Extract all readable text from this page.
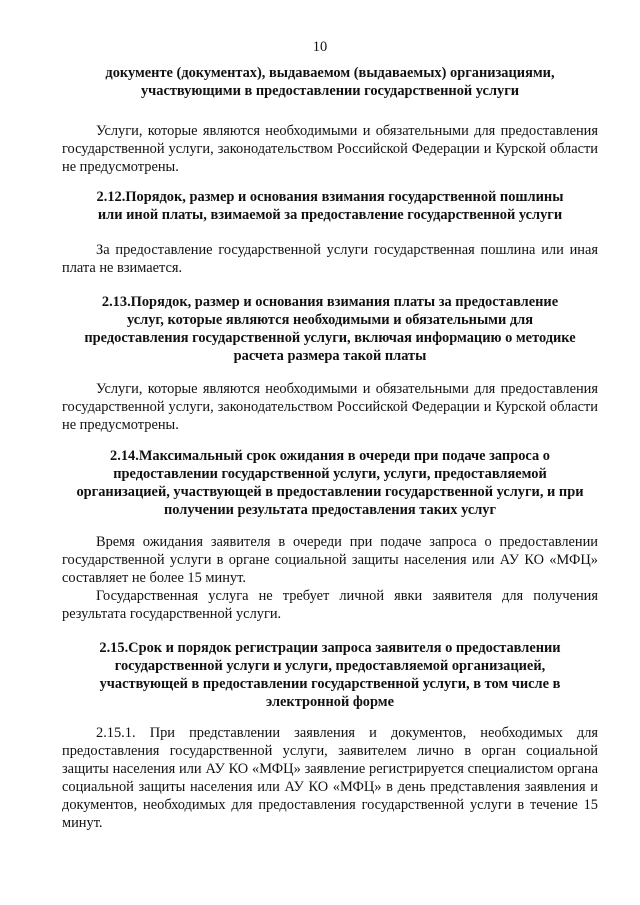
10
документе (документах), выдаваемом (выдаваемых) организациями,
участвующими в предоставлении государственной услуги
Услуги, которые являются необходимыми и обязательными для предоставления государственной услуги, законодательством Российской Федерации и Курской области не предусмотрены.
2.12.Порядок, размер и основания взимания государственной пошлины
или иной платы, взимаемой за предоставление государственной услуги
За предоставление государственной услуги государственная пошлина или иная плата не взимается.
2.13.Порядок, размер и основания взимания платы за предоставление
услуг, которые являются необходимыми и обязательными для
предоставления государственной услуги, включая информацию о методике
расчета размера такой платы
Услуги, которые являются необходимыми и обязательными для предоставления государственной услуги, законодательством Российской Федерации и Курской области не предусмотрены.
2.14.Максимальный срок ожидания в очереди при подаче запроса о
предоставлении государственной услуги, услуги, предоставляемой
организацией, участвующей в предоставлении государственной услуги, и при
получении результата предоставления таких услуг
Время ожидания заявителя в очереди при подаче запроса о предоставлении государственной услуги в органе социальной защиты населения или АУ КО «МФЦ» составляет не более 15 минут.
Государственная услуга не требует личной явки заявителя для получения результата государственной услуги.
2.15.Срок и порядок регистрации запроса заявителя о предоставлении
государственной услуги и услуги, предоставляемой организацией,
участвующей в предоставлении государственной услуги, в том числе в
электронной форме
2.15.1. При представлении заявления и документов, необходимых для предоставления государственной услуги, заявителем лично в орган социальной защиты населения или АУ КО «МФЦ» заявление регистрируется специалистом органа социальной защиты населения или АУ КО «МФЦ» в день представления заявления и документов, необходимых для предоставления государственной услуги в течение 15 минут.
